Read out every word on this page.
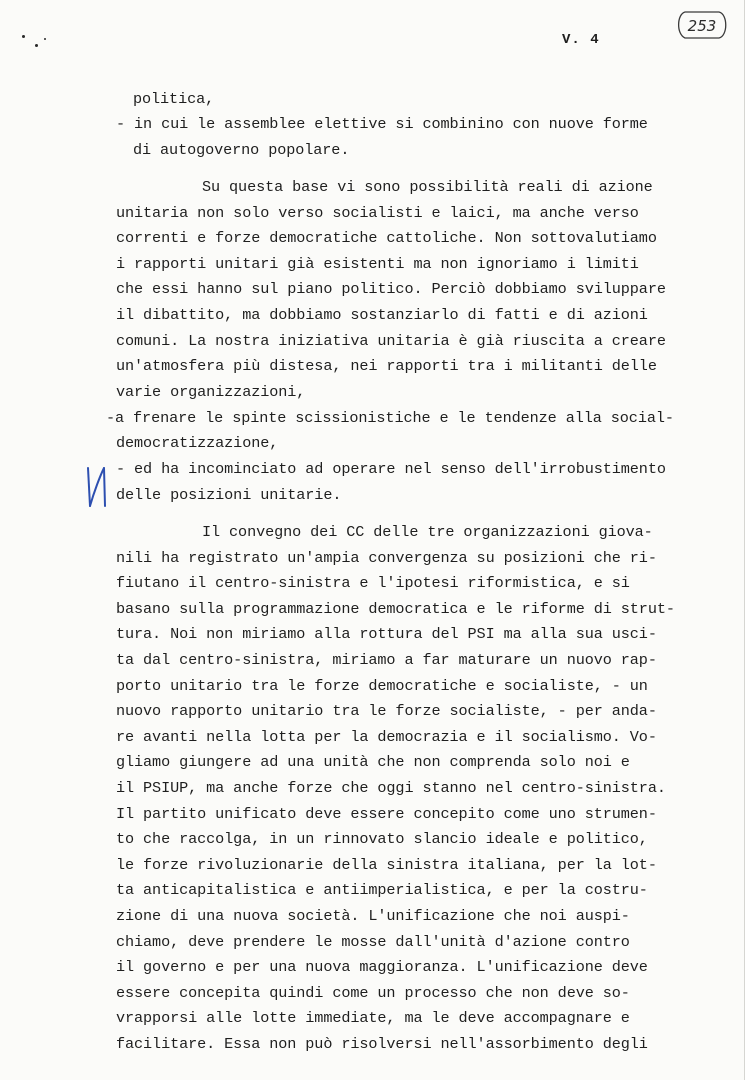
V. 4
253
politica,
- in cui le assemblee elettive si combinino con nuove forme
di autogoverno popolare.
Su questa base vi sono possibilità reali di azione
unitaria non solo verso socialisti e laici, ma anche verso
correnti e forze democratiche cattoliche. Non sottovalutiamo
i rapporti unitari già esistenti ma non ignoriamo i limiti
che essi hanno sul piano politico. Perciò dobbiamo sviluppare
il dibattito, ma dobbiamo sostanziarlo di fatti e di azioni
comuni. La nostra iniziativa unitaria è già riuscita a creare
un'atmosfera più distesa, nei rapporti tra i militanti delle
varie organizzazioni,
-a frenare le spinte scissionistiche e le tendenze alla social-
democratizzazione,
- ed ha incominciato ad operare nel senso dell'irrobustimento
delle posizioni unitarie.
Il convegno dei CC delle tre organizzazioni giova-
nili ha registrato un'ampia convergenza su posizioni che ri-
fiutano il centro-sinistra e l'ipotesi riformistica, e si
basano sulla programmazione democratica e le riforme di strut-
tura. Noi non miriamo alla rottura del PSI ma alla sua usci-
ta dal centro-sinistra, miriamo a far maturare un nuovo rap-
porto unitario tra le forze democratiche e socialiste, - un
nuovo rapporto unitario tra le forze socialiste, - per anda-
re avanti nella lotta per la democrazia e il socialismo. Vo-
gliamo giungere ad una unità che non comprenda solo noi e
il PSIUP, ma anche forze che oggi stanno nel centro-sinistra.
Il partito unificato deve essere concepito come uno strumen-
to che raccolga, in un rinnovato slancio ideale e politico,
le forze rivoluzionarie della sinistra italiana, per la lot-
ta anticapitalistica e antiimperialistica, e per la costru-
zione di una nuova società. L'unificazione che noi auspi-
chiamo, deve prendere le mosse dall'unità d'azione contro
il governo e per una nuova maggioranza. L'unificazione deve
essere concepita quindi come un processo che non deve so-
vrapporsi alle lotte immediate, ma le deve accompagnare e
facilitare. Essa non può risolversi nell'assorbimento degli
